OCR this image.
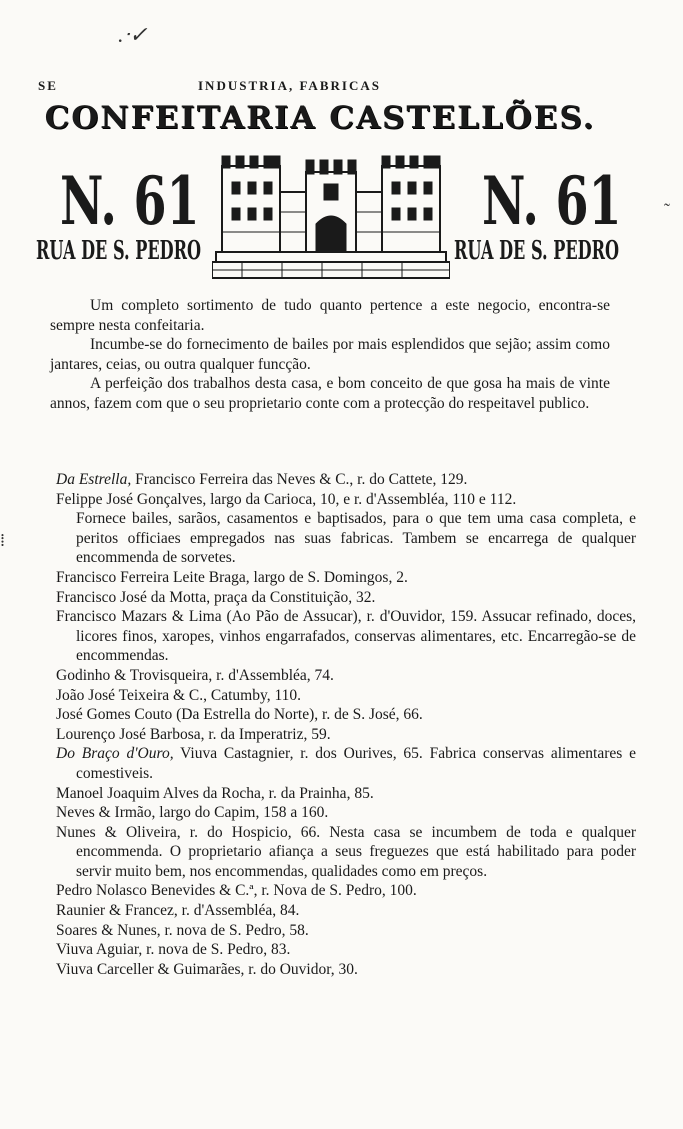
.ᐧ✓
˜
⁞
SE	INDUSTRIA, FABRICAS
CONFEITARIA CASTELLÕES.
N. 61	N. 61
RUA DE S. PEDRO	RUA DE S. PEDRO

Um completo sortimento de tudo quanto pertence a este negocio, encontra-se sempre nesta confeitaria.

Incumbe-se do fornecimento de bailes por mais esplendidos que sejão; assim como jantares, ceias, ou outra qualquer funcção.

A perfeição dos trabalhos desta casa, e bom conceito de que gosa ha mais de vinte annos, fazem com que o seu proprietario conte com a protecção do respeitavel publico.

Da Estrella, Francisco Ferreira das Neves & C., r. do Cattete, 129.

Felippe José Gonçalves, largo da Carioca, 10, e r. d'Assembléa, 110 e 112.
Fornece bailes, sarãos, casamentos e baptisados, para o que tem uma casa completa, e peritos officiaes empregados nas suas fabricas. Tambem se encarrega de qualquer encommenda de sorvetes.

Francisco Ferreira Leite Braga, largo de S. Domingos, 2.

Francisco José da Motta, praça da Constituição, 32.

Francisco Mazars & Lima (Ao Pão de Assucar), r. d'Ouvidor, 159. Assucar refinado, doces, licores finos, xaropes, vinhos engarrafados, conservas alimentares, etc. Encarregão-se de encommendas.

Godinho & Trovisqueira, r. d'Assembléa, 74.

João José Teixeira & C., Catumby, 110.

José Gomes Couto (Da Estrella do Norte), r. de S. José, 66.

Lourenço José Barbosa, r. da Imperatriz, 59.

Do Braço d'Ouro, Viuva Castagnier, r. dos Ourives, 65. Fabrica conservas alimentares e comestiveis.

Manoel Joaquim Alves da Rocha, r. da Prainha, 85.

Neves & Irmão, largo do Capim, 158 a 160.

Nunes & Oliveira, r. do Hospicio, 66. Nesta casa se incumbem de toda e qualquer encommenda. O proprietario afiança a seus freguezes que está habilitado para poder servir muito bem, nos encommendas, qualidades como em preços.

Pedro Nolasco Benevides & C.ª, r. Nova de S. Pedro, 100.

Raunier & Francez, r. d'Assembléa, 84.

Soares & Nunes, r. nova de S. Pedro, 58.

Viuva Aguiar, r. nova de S. Pedro, 83.

Viuva Carceller & Guimarães, r. do Ouvidor, 30.
